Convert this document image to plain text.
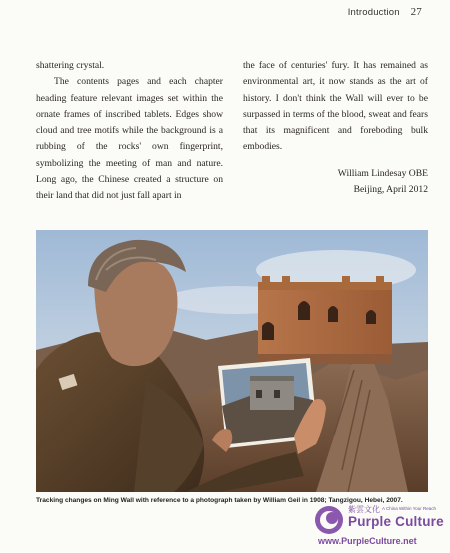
Introduction 27

shattering crystal.

The contents pages and each chapter heading feature relevant images set within the ornate frames of inscribed tablets. Edges show cloud and tree motifs while the background is a rubbing of the rocks' own fingerprint, symbolizing the meeting of man and nature. Long ago, the Chinese created a structure on their land that did not just fall apart in

the face of centuries' fury. It has remained as environmental art, it now stands as the art of history. I don't think the Wall will ever to be surpassed in terms of the blood, sweat and fears that its magnificent and foreboding bulk embodies.

William Lindesay OBE
Beijing, April 2012
Tracking changes on Ming Wall with reference to a photograph taken by William Geil in 1908; Tangzigou, Hebei, 2007.
紫雲文化 A China Within Your Reach
Purple Culture
www.PurpleCulture.net
